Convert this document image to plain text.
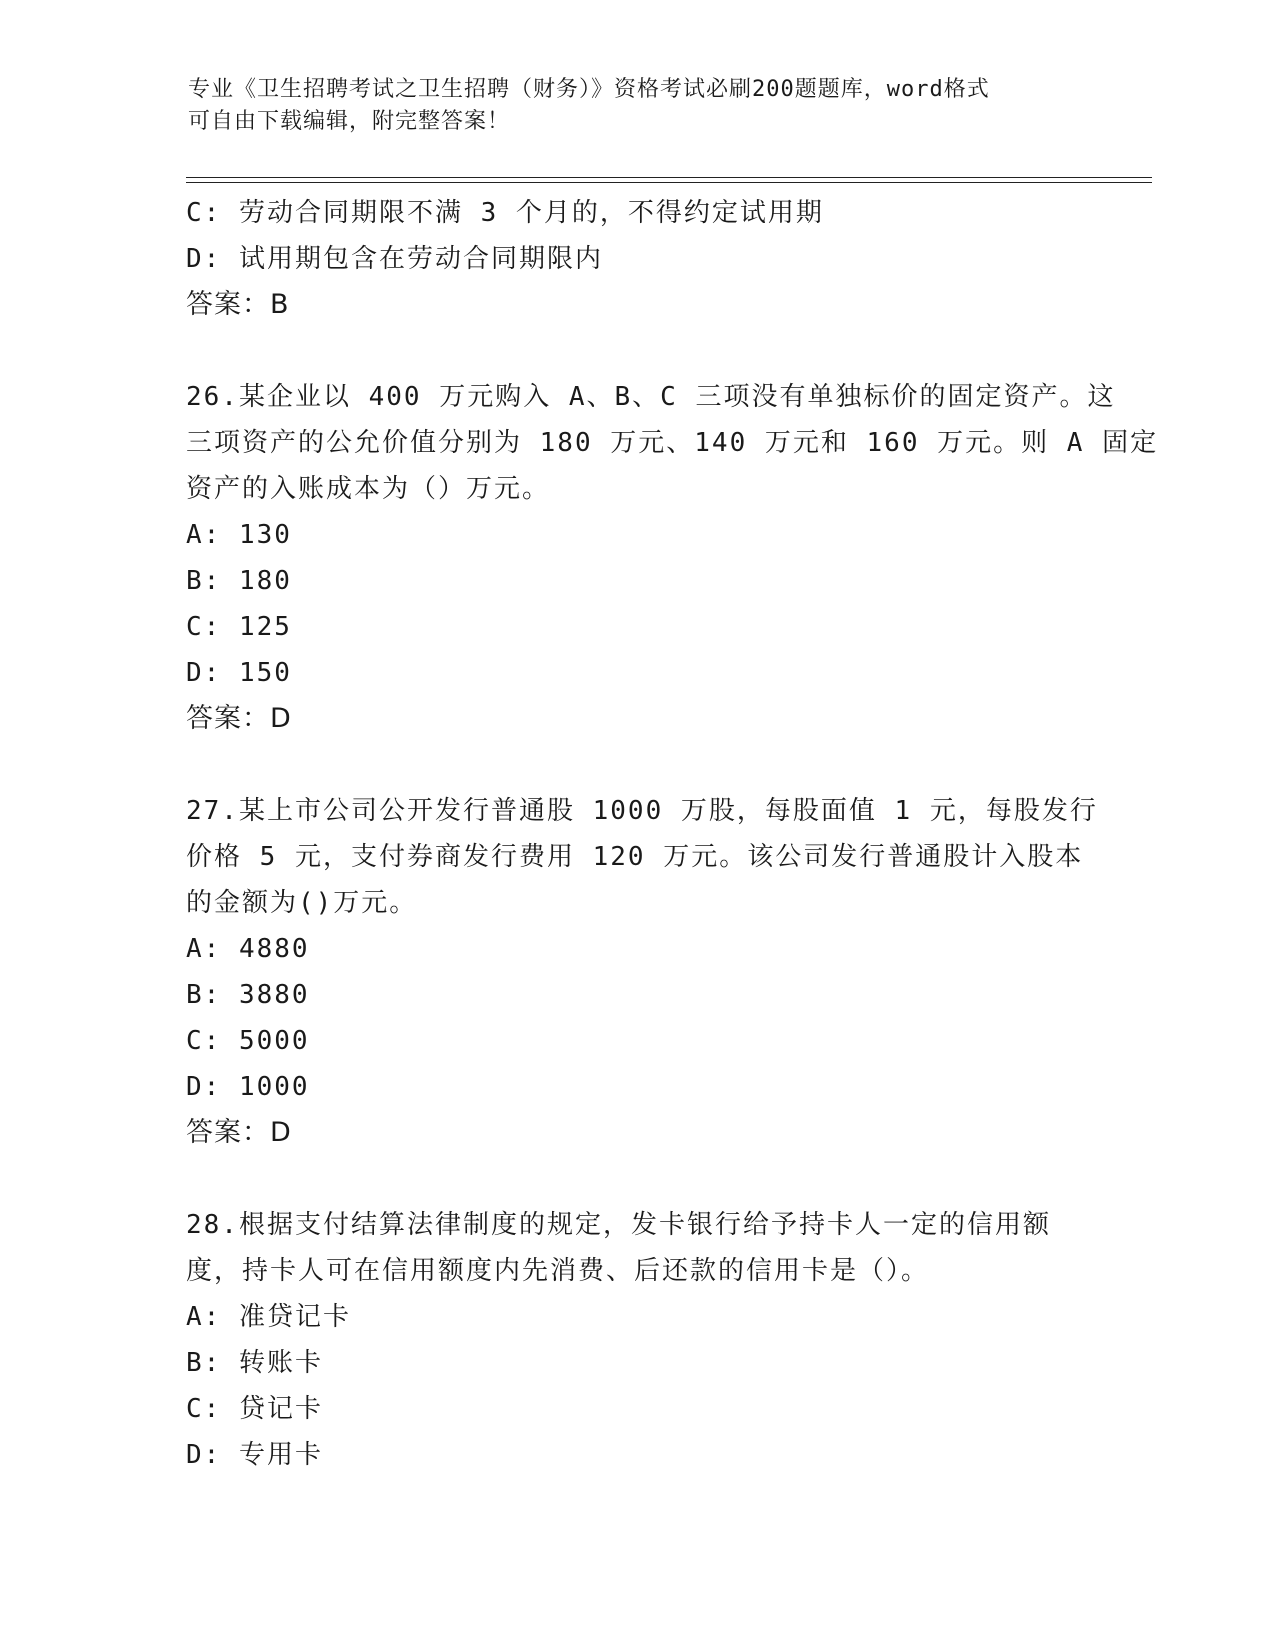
专业《卫生招聘考试之卫生招聘（财务）》资格考试必刷200题题库，word格式
可自由下载编辑，附完整答案！
C: 劳动合同期限不满 3 个月的，不得约定试用期
D: 试用期包含在劳动合同期限内
答案：B
26.某企业以 400 万元购入 A、B、C 三项没有单独标价的固定资产。这
三项资产的公允价值分别为 180 万元、140 万元和 160 万元。则 A 固定
资产的入账成本为（）万元。
A: 130
B: 180
C: 125
D: 150
答案：D
27.某上市公司公开发行普通股 1000 万股，每股面值 1 元，每股发行
价格 5 元，支付券商发行费用 120 万元。该公司发行普通股计入股本
的金额为()万元。
A: 4880
B: 3880
C: 5000
D: 1000
答案：D
28.根据支付结算法律制度的规定，发卡银行给予持卡人一定的信用额
度，持卡人可在信用额度内先消费、后还款的信用卡是（）。
A: 准贷记卡
B: 转账卡
C: 贷记卡
D: 专用卡
